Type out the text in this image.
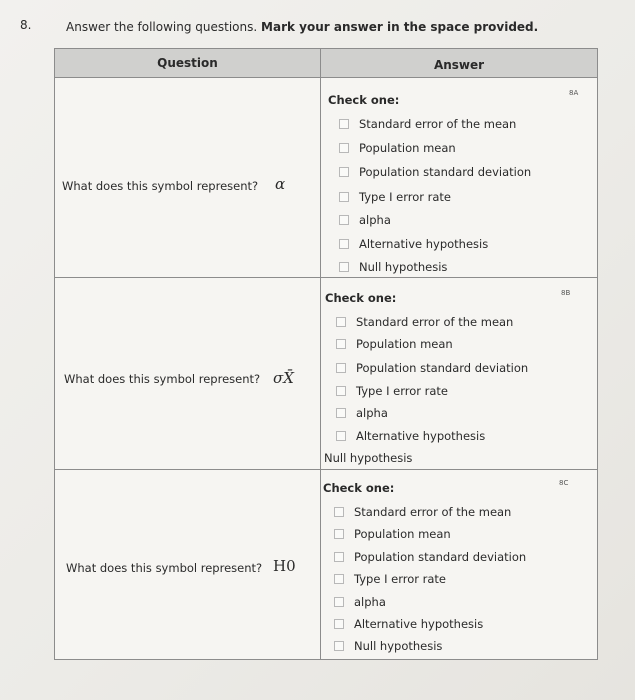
8.	Answer the following questions. Mark your answer in the space provided.
Question	Answer
8A
What does this symbol represent? α
Check one:
Standard error of the mean
Population mean
Population standard deviation
Type I error rate
alpha
Alternative hypothesis
Null hypothesis
8B
What does this symbol represent? σX̄
Check one:
Standard error of the mean
Population mean
Population standard deviation
Type I error rate
alpha
Alternative hypothesis
Null hypothesis
8C
What does this symbol represent? H0
Check one:
Standard error of the mean
Population mean
Population standard deviation
Type I error rate
alpha
Alternative hypothesis
Null hypothesis
